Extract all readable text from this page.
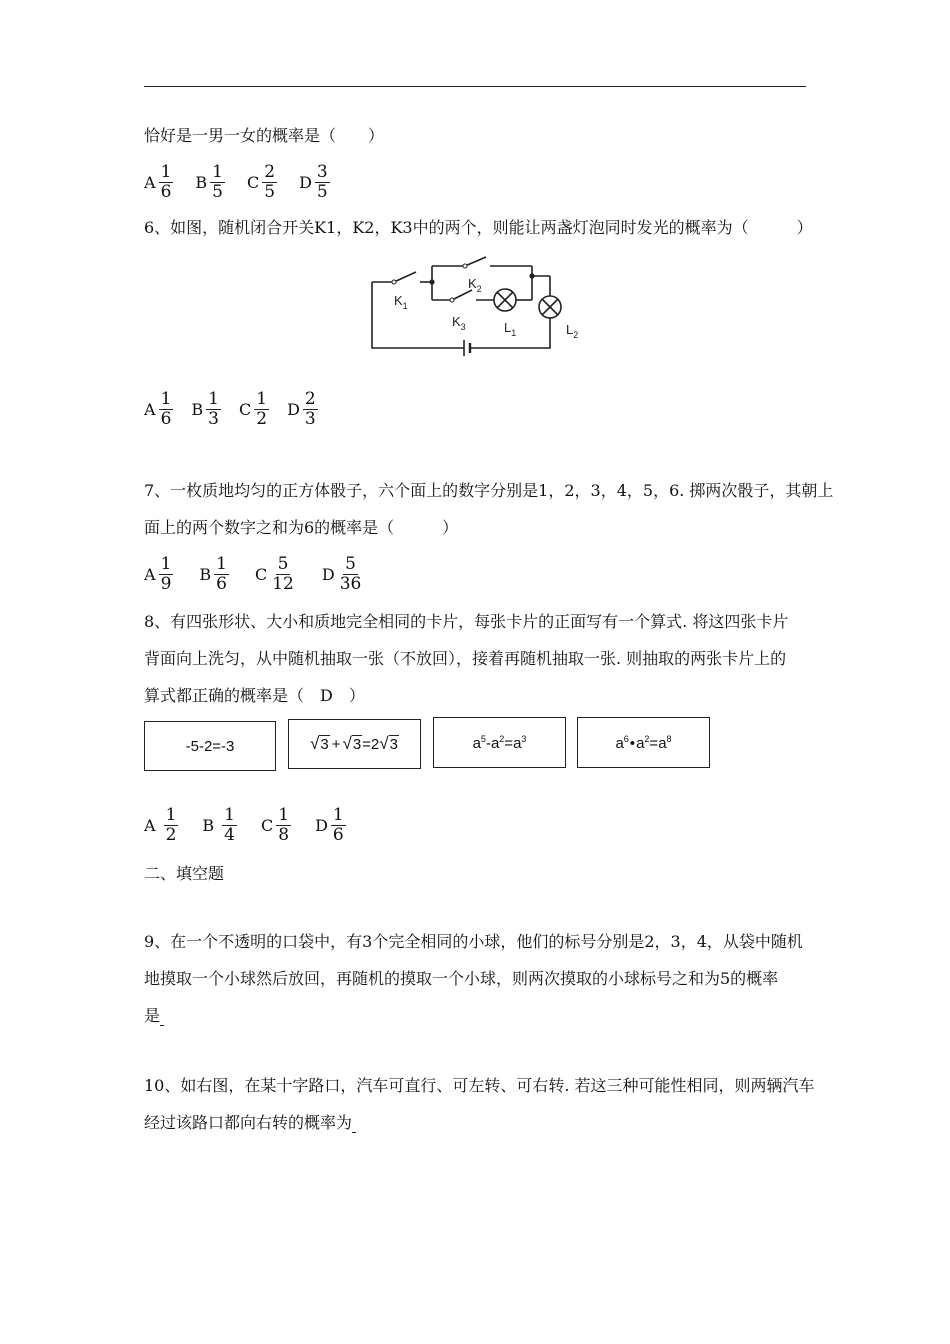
恰好是一男一女的概率是（　　）
A $\frac{1}{6}$ B $\frac{1}{5}$ C $\frac{2}{5}$ D $\frac{3}{5}$
6、如图，随机闭合开关K1，K2，K3中的两个，则能让两盏灯泡同时发光的概率为（　　　）
$K_1$
$K_2$
$K_3$	$L_1$	$L_2$
A $\frac{1}{6}$ B $\frac{1}{3}$ C $\frac{1}{2}$ D $\frac{2}{3}$
7、一枚质地均匀的正方体骰子，六个面上的数字分别是1，2，3，4，5，6. 掷两次骰子，其朝上
面上的两个数字之和为6的概率是（　　　）
A $\frac{1}{9}$ B $\frac{1}{6}$ C $\frac{5}{12}$ D $\frac{5}{36}$
8、有四张形状、大小和质地完全相同的卡片，每张卡片的正面写有一个算式. 将这四张卡片
背面向上洗匀，从中随机抽取一张（不放回），接着再随机抽取一张. 则抽取的两张卡片上的
算式都正确的概率是（　D　）
-5-2=-3	√ 3 + √ 3 =2 √ 3	$a^5-a^2=a^3$	$a^6•a^2=a^8$
A $\frac{1}{2}$ B $\frac{1}{4}$ C $\frac{1}{8}$ D $\frac{1}{6}$
二、填空题
9、在一个不透明的口袋中，有3个完全相同的小球，他们的标号分别是2，3，4，从袋中随机
地摸取一个小球然后放回，再随机的摸取一个小球，则两次摸取的小球标号之和为5的概率
是
10、如右图，在某十字路口，汽车可直行、可左转、可右转. 若这三种可能性相同，则两辆汽车
经过该路口都向右转的概率为
